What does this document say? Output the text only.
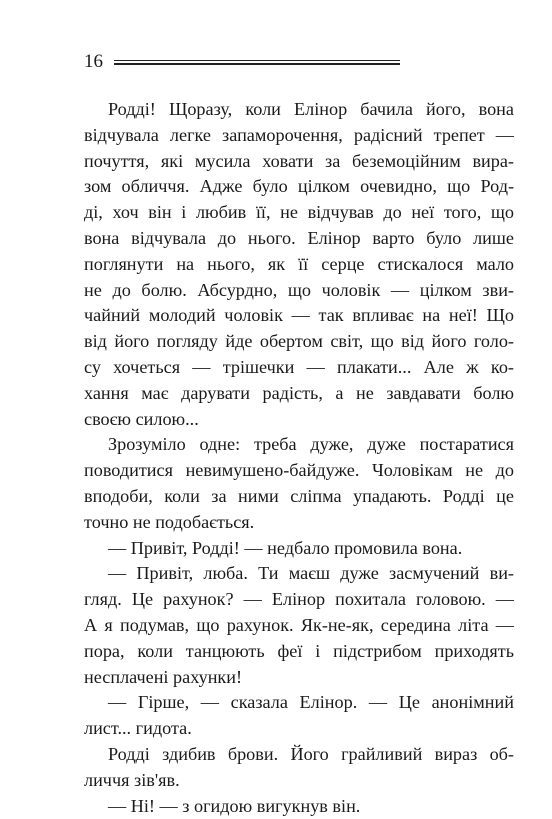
16

Родді! Щоразу, коли Елінор бачила його, вона
відчувала легке запаморочення, радісний трепет —
почуття, які мусила ховати за беземоційним вира-
зом обличчя. Адже було цілком очевидно, що Род-
ді, хоч він і любив її, не відчував до неї того, що
вона відчувала до нього. Елінор варто було лише
поглянути на нього, як її серце стискалося мало
не до болю. Абсурдно, що чоловік — цілком зви-
чайний молодий чоловік — так впливає на неї! Що
від його погляду йде обертом світ, що від його голо-
су хочеться — трішечки — плакати... Але ж ко-
хання має дарувати радість, а не завдавати болю
своєю силою...

Зрозуміло одне: треба дуже, дуже постаратися
поводитися невимушено-байдуже. Чоловікам не до
вподоби, коли за ними сліпма упадають. Родді це
точно не подобається.

— Привіт, Родді! — недбало промовила вона.

— Привіт, люба. Ти маєш дуже засмучений ви-
гляд. Це рахунок? — Елінор похитала головою. —
А я подумав, що рахунок. Як-не-як, середина літа —
пора, коли танцюють феї і підстрибом приходять
несплачені рахунки!

— Гірше, — сказала Елінор. — Це анонімний
лист... гидота.

Родді здибив брови. Його грайливий вираз об-
личчя зів'яв.

— Ні! — з огидою вигукнув він.
